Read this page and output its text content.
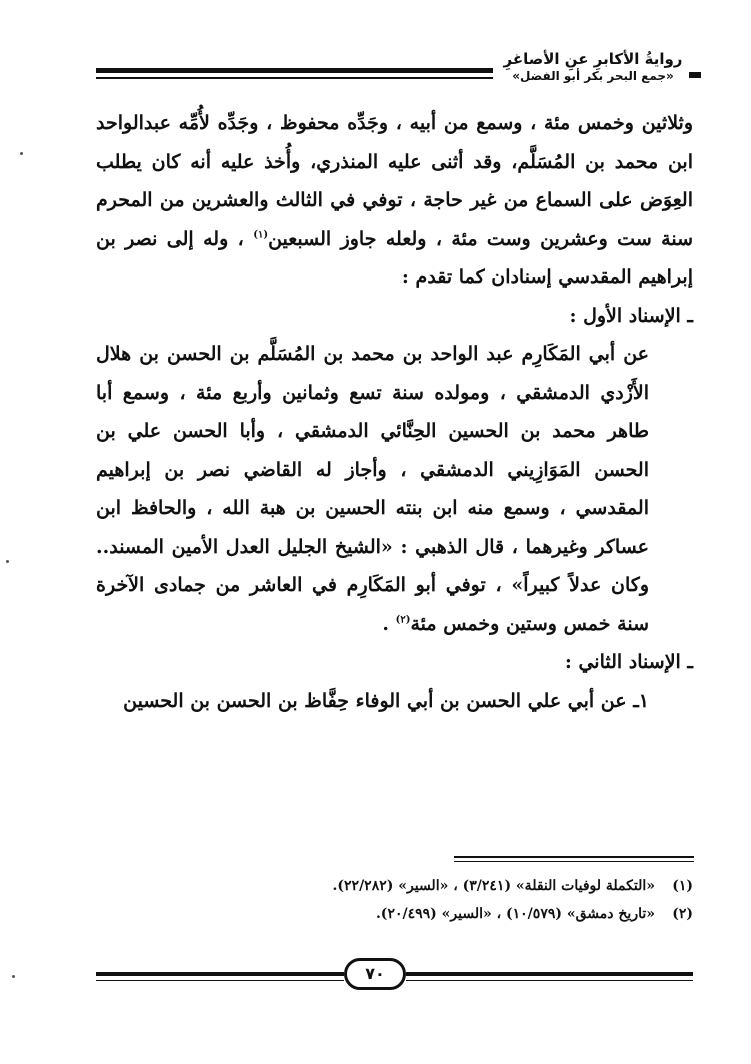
روايةُ الأكابرِ عنِ الأصاغرِ
«جمع البحر بكر أبو الفضل»

وثلاثين وخمس مئة ، وسمع من أبيه ، وجَدِّه محفوظ ، وجَدِّه لأُمِّه عبدالواحد ابن محمد بن المُسَلَّم، وقد أثنى عليه المنذري، وأُخذ عليه أنه كان يطلب العِوَض على السماع من غير حاجة ، توفي في الثالث والعشرين من المحرم سنة ست وعشرين وست مئة ، ولعله جاوز السبعين$^{(١)}$ ، وله إلى نصر بن إبراهيم المقدسي إسنادان كما تقدم :

ـ الإسناد الأول :

عن أبي المَكَارِم عبد الواحد بن محمد بن المُسَلَّم بن الحسن بن هلال الأَزْدي الدمشقي ، ومولده سنة تسع وثمانين وأربع مئة ، وسمع أبا طاهر محمد بن الحسين الحِنَّائي الدمشقي ، وأبا الحسن علي بن الحسن المَوَازِيني الدمشقي ، وأجاز له القاضي نصر بن إبراهيم المقدسي ، وسمع منه ابن بنته الحسين بن هبة الله ، والحافظ ابن عساكر وغيرهما ، قال الذهبي : «الشيخ الجليل العدل الأمين المسند.. وكان عدلاً كبيراً» ، توفي أبو المَكَارِم في العاشر من جمادى الآخرة سنة خمس وستين وخمس مئة$^{(٢)}$ .

ـ الإسناد الثاني :

١ـ عن أبي علي الحسن بن أبي الوفاء حِفَّاظ بن الحسن بن الحسين

(١)«التكملة لوفيات النقلة» (٣/٢٤١) ، «السير» (٢٢/٢٨٢).
(٢)«تاريخ دمشق» (١٠/٥٧٩) ، «السير» (٢٠/٤٩٩).
٧٠
